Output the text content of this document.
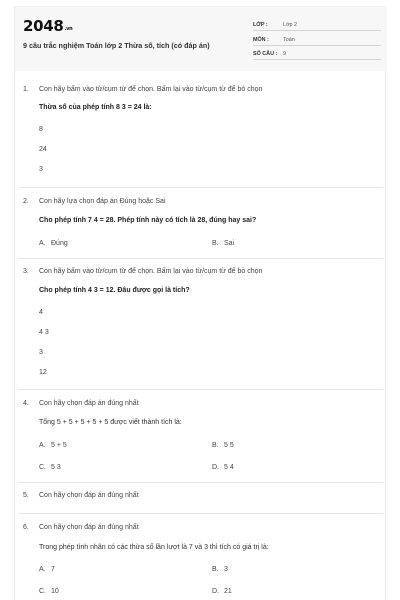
2048.vn
9 câu trắc nghiệm Toán lớp 2 Thừa số, tích (có đáp án)
LỚP :	Lớp 2
MÔN :	Toán
SỐ CÂU : 9
1. Con hãy bấm vào từ/cụm từ để chọn. Bấm lại vào từ/cụm từ để bỏ chọn
Thừa số của phép tính 8 3 = 24 là:
8
24
3
2. Con hãy lựa chọn đáp án Đúng hoặc Sai
Cho phép tính 7 4 = 28. Phép tính này có tích là 28, đúng hay sai?
A. Đúng	B. Sai
3. Con hãy bấm vào từ/cụm từ để chọn. Bấm lại vào từ/cụm từ để bỏ chọn
Cho phép tính 4 3 = 12. Đâu được gọi là tích?
4
4 3
3
12
4. Con hãy chọn đáp án đúng nhất
Tổng 5 + 5 + 5 + 5 + 5 được viết thành tích là:
A. 5 + 5	B. 5 5
C. 5 3	D. 5 4
5. Con hãy chọn đáp án đúng nhất
6. Con hãy chọn đáp án đúng nhất
Trong phép tính nhân có các thừa số lần lượt là 7 và 3 thì tích có giá trị là:
A. 7	B. 3
C. 10	D. 21
